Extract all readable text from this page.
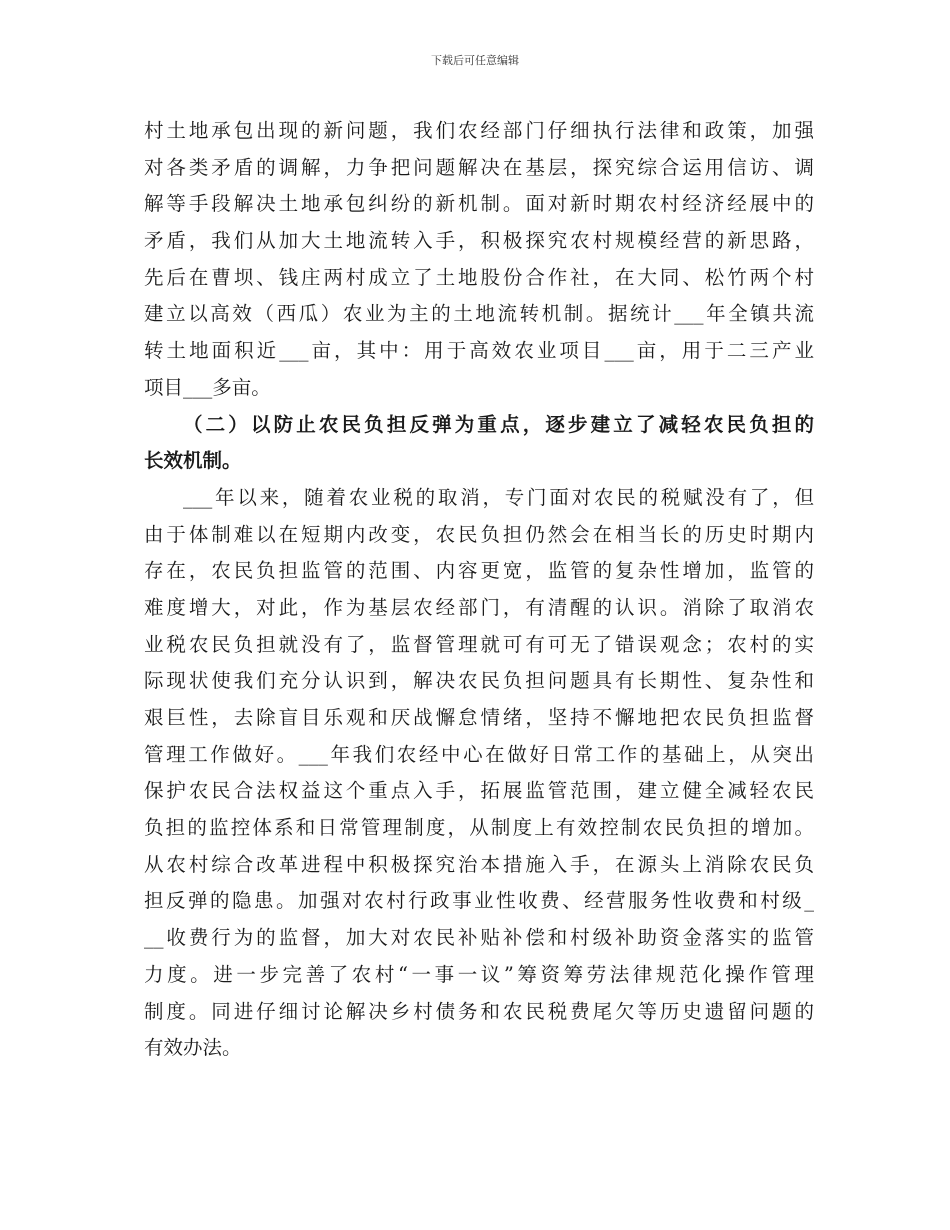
下载后可任意编辑
村土地承包出现的新问题，我们农经部门仔细执行法律和政策，加强
对各类矛盾的调解，力争把问题解决在基层，探究综合运用信访、调
解等手段解决土地承包纠纷的新机制。面对新时期农村经济经展中的
矛盾，我们从加大土地流转入手，积极探究农村规模经营的新思路，
先后在曹坝、钱庄两村成立了土地股份合作社，在大同、松竹两个村
建立以高效（西瓜）农业为主的土地流转机制。据统计___年全镇共流
转土地面积近___亩，其中：用于高效农业项目___亩，用于二三产业
项目___多亩。
（二）以防止农民负担反弹为重点，逐步建立了减轻农民负担的
长效机制。
___年以来，随着农业税的取消，专门面对农民的税赋没有了，但
由于体制难以在短期内改变，农民负担仍然会在相当长的历史时期内
存在，农民负担监管的范围、内容更宽，监管的复杂性增加，监管的
难度增大，对此，作为基层农经部门，有清醒的认识。消除了取消农
业税农民负担就没有了，监督管理就可有可无了错误观念；农村的实
际现状使我们充分认识到，解决农民负担问题具有长期性、复杂性和
艰巨性，去除盲目乐观和厌战懈怠情绪，坚持不懈地把农民负担监督
管理工作做好。___年我们农经中心在做好日常工作的基础上，从突出
保护农民合法权益这个重点入手，拓展监管范围，建立健全减轻农民
负担的监控体系和日常管理制度，从制度上有效控制农民负担的增加。
从农村综合改革进程中积极探究治本措施入手，在源头上消除农民负
担反弹的隐患。加强对农村行政事业性收费、经营服务性收费和村级_
__收费行为的监督，加大对农民补贴补偿和村级补助资金落实的监管
力度。进一步完善了农村“一事一议”筹资筹劳法律规范化操作管理
制度。同进仔细讨论解决乡村债务和农民税费尾欠等历史遗留问题的
有效办法。
